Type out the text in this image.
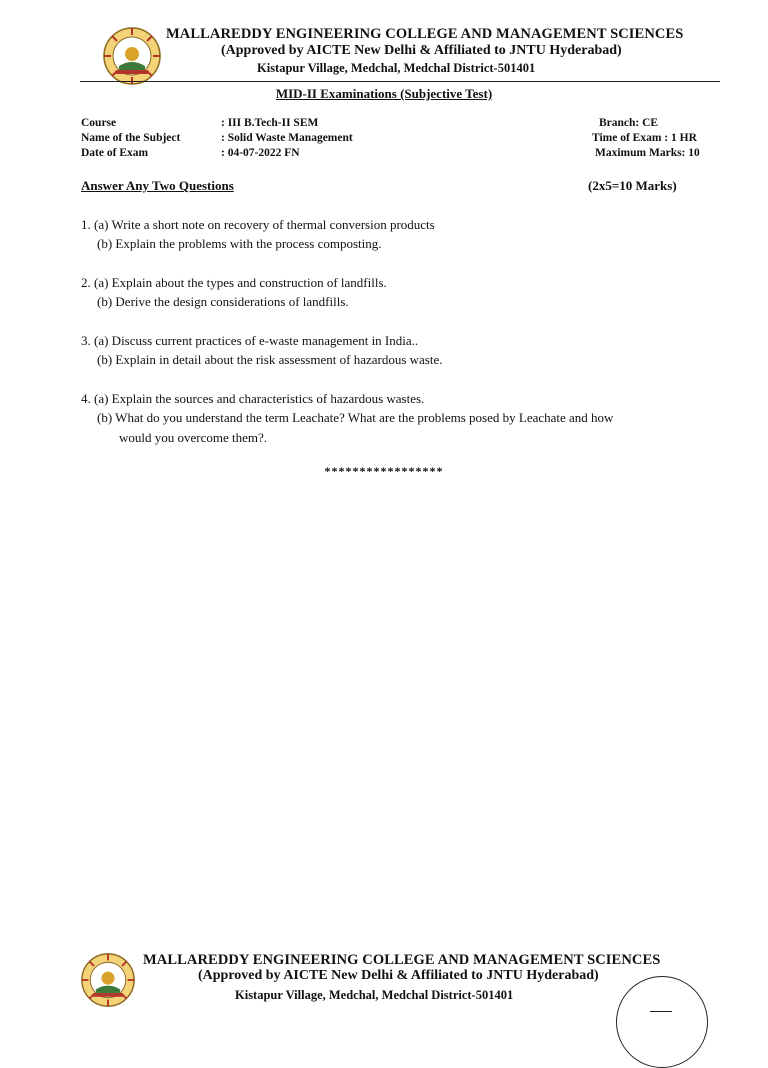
MALLAREDDY ENGINEERING COLLEGE AND MANAGEMENT SCIENCES
(Approved by AICTE New Delhi & Affiliated to JNTU Hyderabad)
Kistapur Village, Medchal, Medchal District-501401
MID-II Examinations (Subjective Test)
Course	: III B.Tech-II SEM	Branch: CE
Name of the Subject	: Solid Waste Management	Time of Exam : 1 HR
Date of Exam	: 04-07-2022 FN	Maximum Marks: 10
Answer Any Two Questions	(2x5=10 Marks)
1. (a) Write a short note on recovery of thermal conversion products
(b) Explain the problems with the process composting.
2. (a) Explain about the types and construction of landfills.
(b) Derive the design considerations of landfills.
3. (a) Discuss current practices of e-waste management in India..
(b) Explain in detail about the risk assessment of hazardous waste.
4. (a) Explain the sources and characteristics of hazardous wastes.
(b) What do you understand the term Leachate? What are the problems posed by Leachate and how
would you overcome them?.
*****************
MALLAREDDY ENGINEERING COLLEGE AND MANAGEMENT SCIENCES
(Approved by AICTE New Delhi & Affiliated to JNTU Hyderabad)
Kistapur Village, Medchal, Medchal District-501401
